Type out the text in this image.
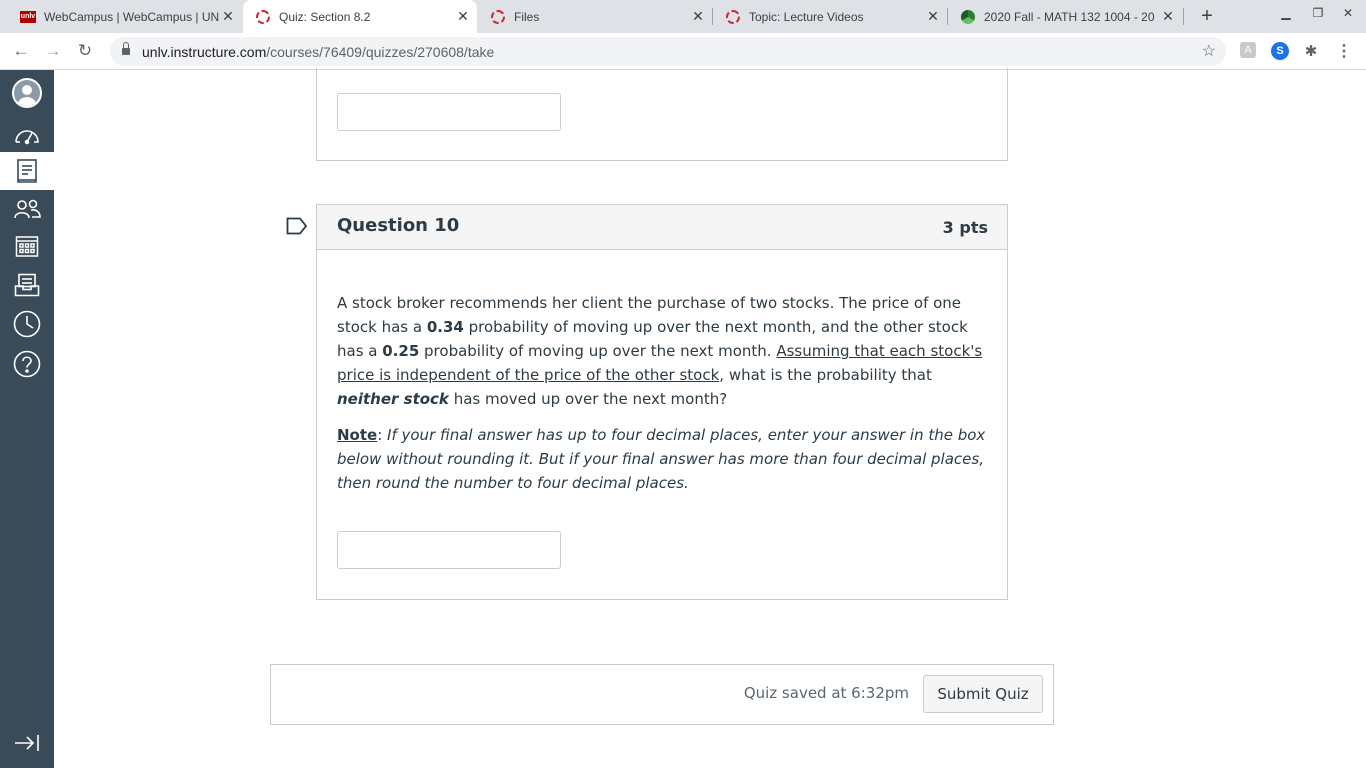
unlv WebCampus | WebCampus | UN ✕	Quiz: Section 8.2	✕	Files	✕	Topic: Lecture Videos	✕	2020 Fall - MATH 132 1004 - 20 ✕	+	▁	❐	✕
← → ↻	unlv.instructure.com/courses/76409/quizzes/270608/take	☆	A	S	✱ ⋮
Question 10	3 pts
A stock broker recommends her client the purchase of two stocks. The price of one stock has a 0.34 probability of moving up over the next month, and the other stock has a 0.25 probability of moving up over the next month. Assuming that each stock's price is independent of the price of the other stock, what is the probability that neither stock has moved up over the next month?
Note: If your final answer has up to four decimal places, enter your answer in the box below without rounding it. But if your final answer has more than four decimal places, then round the number to four decimal places.
Quiz saved at 6:32pm	Submit Quiz
